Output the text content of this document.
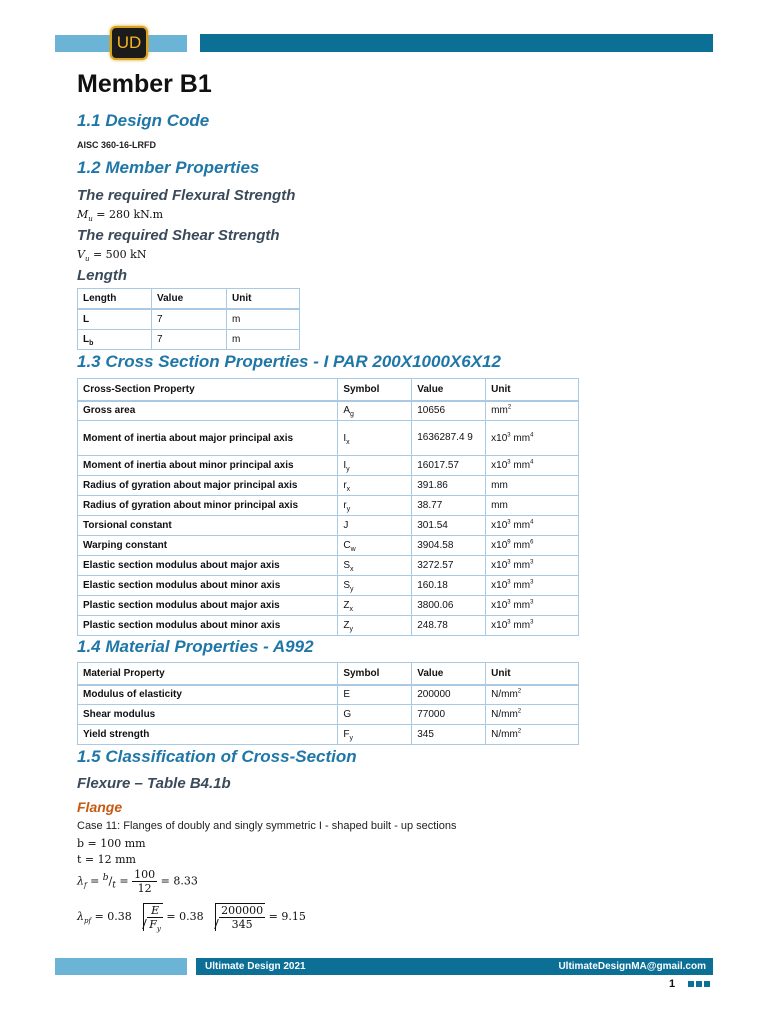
UD
Member B1
1.1 Design Code
AISC 360-16-LRFD
1.2 Member Properties
The required Flexural Strength
$M_u = 280$ kN.m
The required Shear Strength
$V_u = 500$ kN
Length
Length	Value	Unit
L	7	m
$L_b$	7	m
1.3 Cross Section Properties - I PAR 200X1000X6X12
Cross-Section Property	Symbol	Value	Unit
Gross area	$A_g$	10656	$mm^2$
Moment of inertia about major principal axis	$I_x$	1636287.4 9	$x10^3$ $mm^4$
Moment of inertia about minor principal axis	$I_y$	16017.57	$x10^3$ $mm^4$
Radius of gyration about major principal axis	$r_x$	391.86	mm
Radius of gyration about minor principal axis	$r_y$	38.77	mm
Torsional constant	J	301.54	$x10^3$ $mm^4$
Warping constant	$C_w$	3904.58	$x10^9$ $mm^6$
Elastic section modulus about major axis	$S_x$	3272.57	$x10^3$ $mm^3$
Elastic section modulus about minor axis	$S_y$	160.18	$x10^3$ $mm^3$
Plastic section modulus about major axis	$Z_x$	3800.06	$x10^3$ $mm^3$
Plastic section modulus about minor axis	$Z_y$	248.78	$x10^3$ $mm^3$
1.4 Material Properties - A992
Material Property	Symbol	Value	Unit
Modulus of elasticity	E	200000	$N/mm^2$
Shear modulus	G	77000	$N/mm^2$
Yield strength	$F_y$	345	$N/mm^2$
1.5 Classification of Cross-Section
Flexure – Table B4.1b
Flange
Case 11: Flanges of doubly and singly symmetric I - shaped built - up sections
b = 100 mm
t = 12 mm
$\lambda_f = ^b/_t = \frac{100}{12} = 8.33$
$\lambda_{pf} = 0.38 \frac{E}{F_y} = 0.38 \frac{200000}{345} = 9.15$
Ultimate Design 2021	UltimateDesignMA@gmail.com
1
